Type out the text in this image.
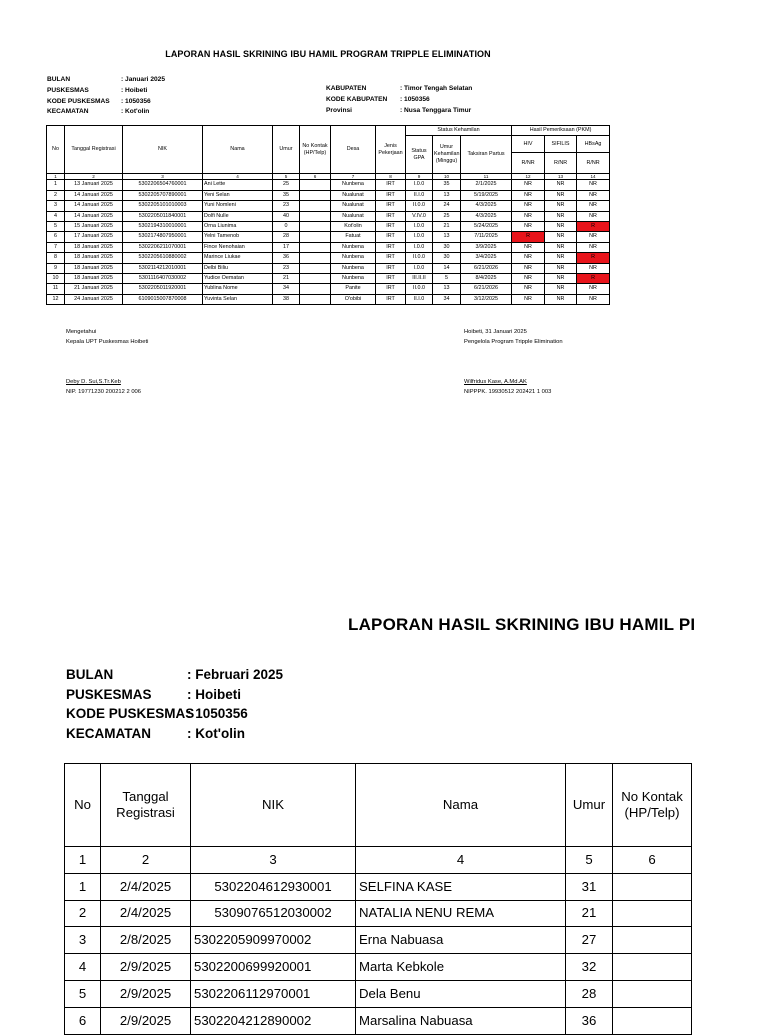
LAPORAN HASIL SKRINING IBU HAMIL PROGRAM TRIPPLE ELIMINATION
BULAN	: Januari 2025
PUSKESMAS	: Hoibeti
KODE PUSKESMAS	: 1050356
KECAMATAN	: Kot'olin
KABUPATEN	: Timor Tengah Selatan
KODE KABUPATEN	: 1050356
Provinsi	: Nusa Tenggara Timur
No	Tanggal Registrasi	NIK	Nama	Umur	No Kontak (HP/Telp)	Desa	Jenis Pekerjaan	Status Kehamilan			Hasil Pemeriksaan (PKM)		
								Status GPA	Umur Kehamilan (Minggu)	Taksiran Partus	HIV	SIFILIS	HBsAg
											R/NR	R/NR	R/NR
1	2	3	4	5	6	7	8	9	10	11	12	13	14
1	13 Januari 2025	5302206504760001	Ani Lette	25		Nunbena	IRT	I.0.0	35	2/1/2025	NR	NR	NR
2	14 Januari 2025	5302205707890001	Yeni Selan	35		Nualunat	IRT	II.I.0	13	5/19/2025	NR	NR	NR
3	14 Januari 2025	5302205101010003	Yuni Nomleni	23		Nualunat	IRT	II.0.0	24	4/3/2025	NR	NR	NR
4	14 Januari 2025	5302205011840001	Dolfi Nulle	40		Nualunat	IRT	V.IV.0	25	4/3/2025	NR	NR	NR
5	15 Januari 2025	5302194310010001	Orna Liunima	0		Kot'olin	IRT	I.0.0	21	5/24/2025	NR	NR	R
6	17 Januari 2025	5302174807950001	Yelni Tamenob	28		Fatuat	IRT	I.0.0	13	7/11/2025	R	NR	NR
7	18 Januari 2025	5302206211070001	Fince Nenohaian	17		Nunbena	IRT	I.0.0	30	3/9/2025	NR	NR	NR
8	18 Januari 2025	5302205610880002	Marince Liukae	36		Nunbena	IRT	II.0.0	30	3/4/2025	NR	NR	R
9	18 Januari 2025	5302114212010001	Delbi Biliu	23		Nunbena	IRT	I.0.0	14	6/21/2026	NR	NR	NR
10	18 Januari 2025	5301116407030002	Yudice Oematan	21		Nunbena	IRT	III.II.II	5	8/4/2025	NR	NR	R
11	21 Januari 2025	5302205011920001	Yublina Nome	34		Panite	IRT	II.0.0	13	6/21/2026	NR	NR	NR
12	24 Januari 2025	6109015007870008	Yuvinta Selan	38		O'obibi	IRT	II.I.0	34	3/12/2025	NR	NR	NR
Mengetahui
Kepala UPT Puskesmas Hoibeti
Deby D. Sui,S.Tr.Keb
NIP. 19771230 200212 2 006
Hoibeti, 31 Januari 2025
Pengelola Program Tripple Elimination
Wilfridus Kase, A.Md.AK
NIPPPK. 19930512 202421 1 003
LAPORAN HASIL SKRINING IBU HAMIL PI
BULAN	: Februari 2025
PUSKESMAS	: Hoibeti
KODE PUSKESMAS
: 1050356
KECAMATAN	: Kot'olin
No	Tanggal Registrasi	NIK	Nama	Umur	No Kontak (HP/Telp)
1	2	3	4	5	6
1	2/4/2025	5302204612930001	SELFINA KASE	31	
2	2/4/2025	5309076512030002	NATALIA NENU REMA	21	
3	2/8/2025	5302205909970002	Erna Nabuasa	27	
4	2/9/2025	5302200699920001	Marta Kebkole	32	
5	2/9/2025	5302206112970001	Dela Benu	28	
6	2/9/2025	5302204212890002	Marsalina Nabuasa	36	
